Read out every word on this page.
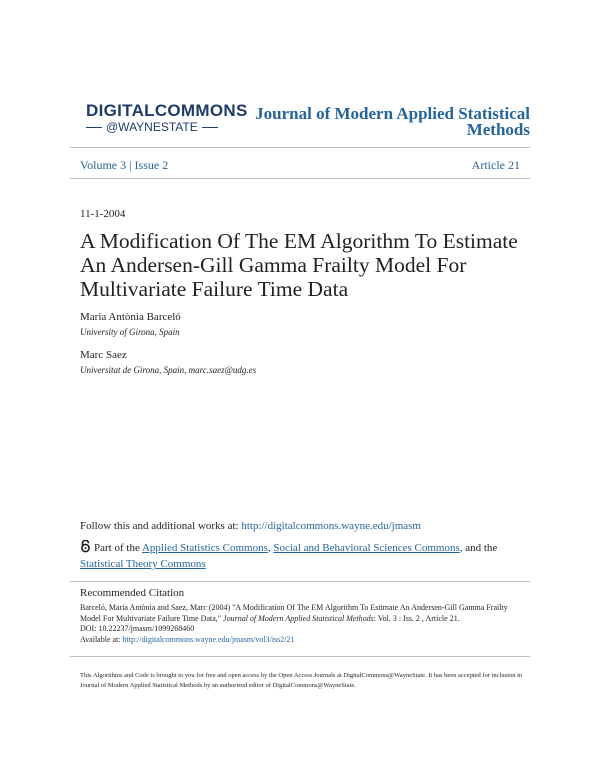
DIGITALCOMMONS
@WAYNESTATE
Journal of Modern Applied Statistical Methods
Volume 3 | Issue 2	Article 21
11-1-2004
A Modification Of The EM Algorithm To Estimate An Andersen-Gill Gamma Frailty Model For Multivariate Failure Time Data
Maria Antònia Barceló
University of Girona, Spain
Marc Saez
Universitat de Girona, Spain, marc.saez@udg.es
Follow this and additional works at: http://digitalcommons.wayne.edu/jmasm
Part of the Applied Statistics Commons, Social and Behavioral Sciences Commons, and the Statistical Theory Commons
Recommended Citation
Barceló, Maria Antònia and Saez, Marc (2004) "A Modification Of The EM Algorithm To Estimate An Andersen-Gill Gamma Frailty Model For Multivariate Failure Time Data," Journal of Modern Applied Statistical Methods: Vol. 3 : Iss. 2 , Article 21.
DOI: 10.22237/jmasm/1099268460
Available at: http://digitalcommons.wayne.edu/jmasm/vol3/iss2/21
This Algorithms and Code is brought to you for free and open access by the Open Access Journals at DigitalCommons@WayneState. It has been accepted for inclusion in Journal of Modern Applied Statistical Methods by an authorized editor of DigitalCommons@WayneState.
